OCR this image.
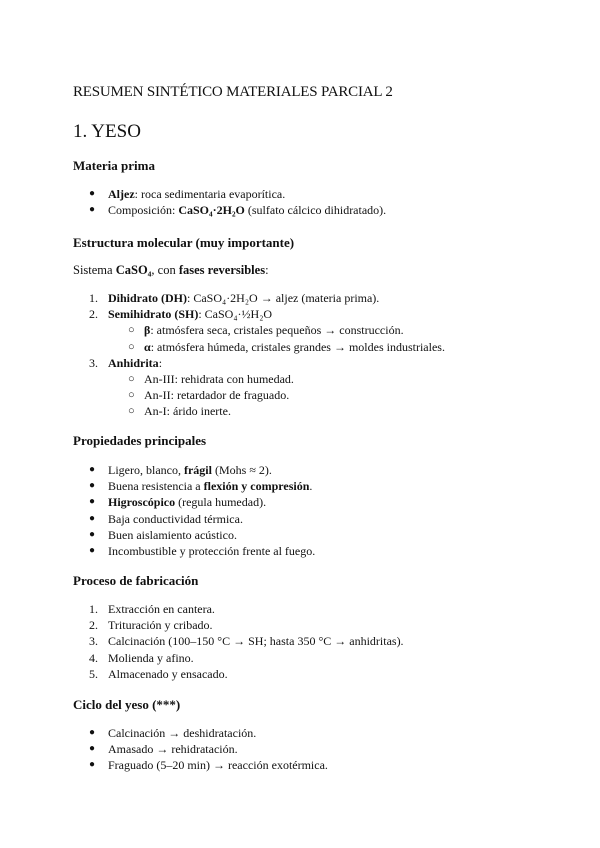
RESUMEN SINTÉTICO MATERIALES PARCIAL 2
1. YESO
Materia prima
● Aljez: roca sedimentaria evaporítica.
● Composición: CaSO₄·2H₂O (sulfato cálcico dihidratado).
Estructura molecular (muy importante)
Sistema CaSO₄, con fases reversibles:
1. Dihidrato (DH): CaSO₄·2H₂O → aljez (materia prima).
2. Semihidrato (SH): CaSO₄·½H₂O
○ β: atmósfera seca, cristales pequeños → construcción.
○ α: atmósfera húmeda, cristales grandes → moldes industriales.
3. Anhidrita:
○ An-III: rehidrata con humedad.
○ An-II: retardador de fraguado.
○ An-I: árido inerte.
Propiedades principales
● Ligero, blanco, frágil (Mohs ≈ 2).
● Buena resistencia a flexión y compresión.
● Higroscópico (regula humedad).
● Baja conductividad térmica.
● Buen aislamiento acústico.
● Incombustible y protección frente al fuego.
Proceso de fabricación
1. Extracción en cantera.
2. Trituración y cribado.
3. Calcinación (100–150 °C → SH; hasta 350 °C → anhidritas).
4. Molienda y afino.
5. Almacenado y ensacado.
Ciclo del yeso (***)
● Calcinación → deshidratación.
● Amasado → rehidratación.
● Fraguado (5–20 min) → reacción exotérmica.
